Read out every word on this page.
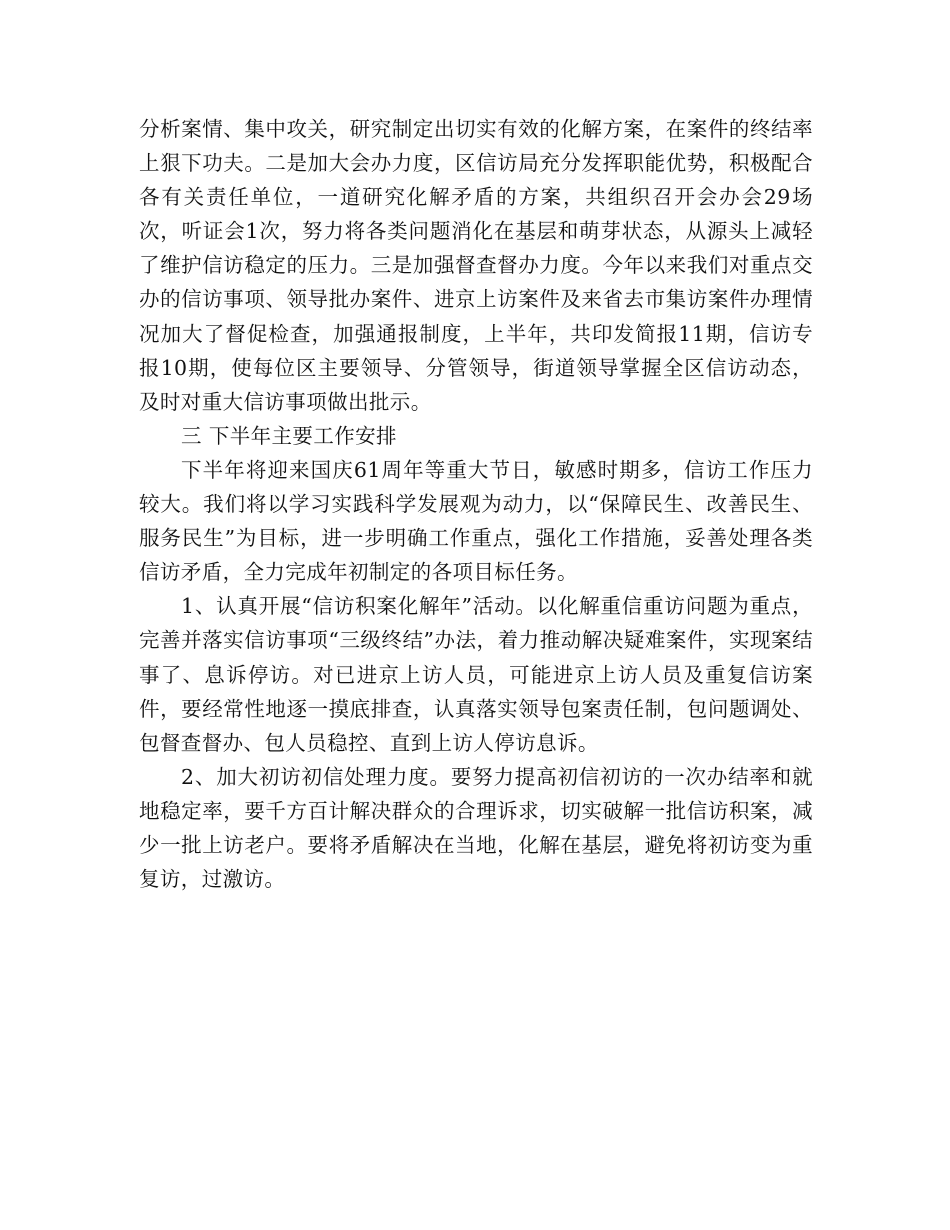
分析案情、集中攻关，研究制定出切实有效的化解方案，在案件的终结率上狠下功夫。二是加大会办力度，区信访局充分发挥职能优势，积极配合各有关责任单位，一道研究化解矛盾的方案，共组织召开会办会29场次，听证会1次，努力将各类问题消化在基层和萌芽状态，从源头上减轻了维护信访稳定的压力。三是加强督查督办力度。今年以来我们对重点交办的信访事项、领导批办案件、进京上访案件及来省去市集访案件办理情况加大了督促检查，加强通报制度，上半年，共印发简报11期，信访专报10期，使每位区主要领导、分管领导，街道领导掌握全区信访动态，及时对重大信访事项做出批示。

三 下半年主要工作安排

下半年将迎来国庆61周年等重大节日，敏感时期多，信访工作压力较大。我们将以学习实践科学发展观为动力，以“保障民生、改善民生、服务民生”为目标，进一步明确工作重点，强化工作措施，妥善处理各类信访矛盾，全力完成年初制定的各项目标任务。

1、认真开展“信访积案化解年”活动。以化解重信重访问题为重点，完善并落实信访事项“三级终结”办法，着力推动解决疑难案件，实现案结事了、息诉停访。对已进京上访人员，可能进京上访人员及重复信访案件，要经常性地逐一摸底排查，认真落实领导包案责任制，包问题调处、包督查督办、包人员稳控、直到上访人停访息诉。

2、加大初访初信处理力度。要努力提高初信初访的一次办结率和就地稳定率，要千方百计解决群众的合理诉求，切实破解一批信访积案，减少一批上访老户。要将矛盾解决在当地，化解在基层，避免将初访变为重复访，过激访。
